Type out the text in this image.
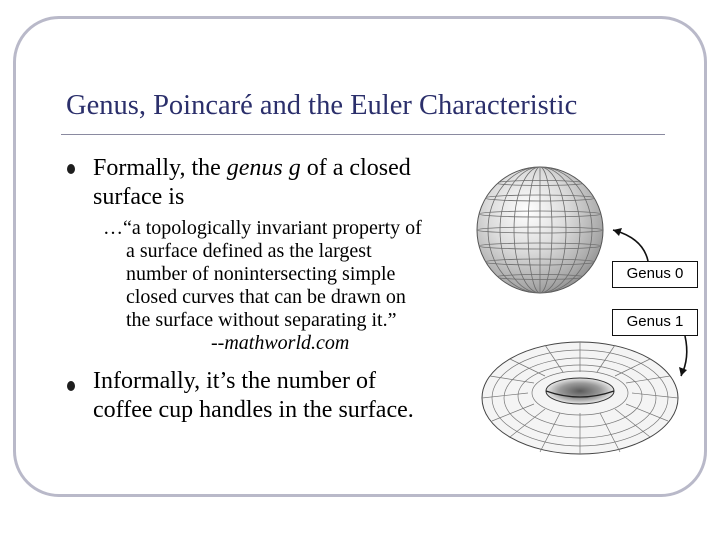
Genus, Poincaré and the Euler Characteristic
Formally, the genus g of a closed
surface is
…“a topologically invariant property of
a surface defined as the largest
number of nonintersecting simple
closed curves that can be drawn on
the surface without separating it.”
--mathworld.com
Informally, it’s the number of
coffee cup handles in the surface.
Genus 0
Genus 1
